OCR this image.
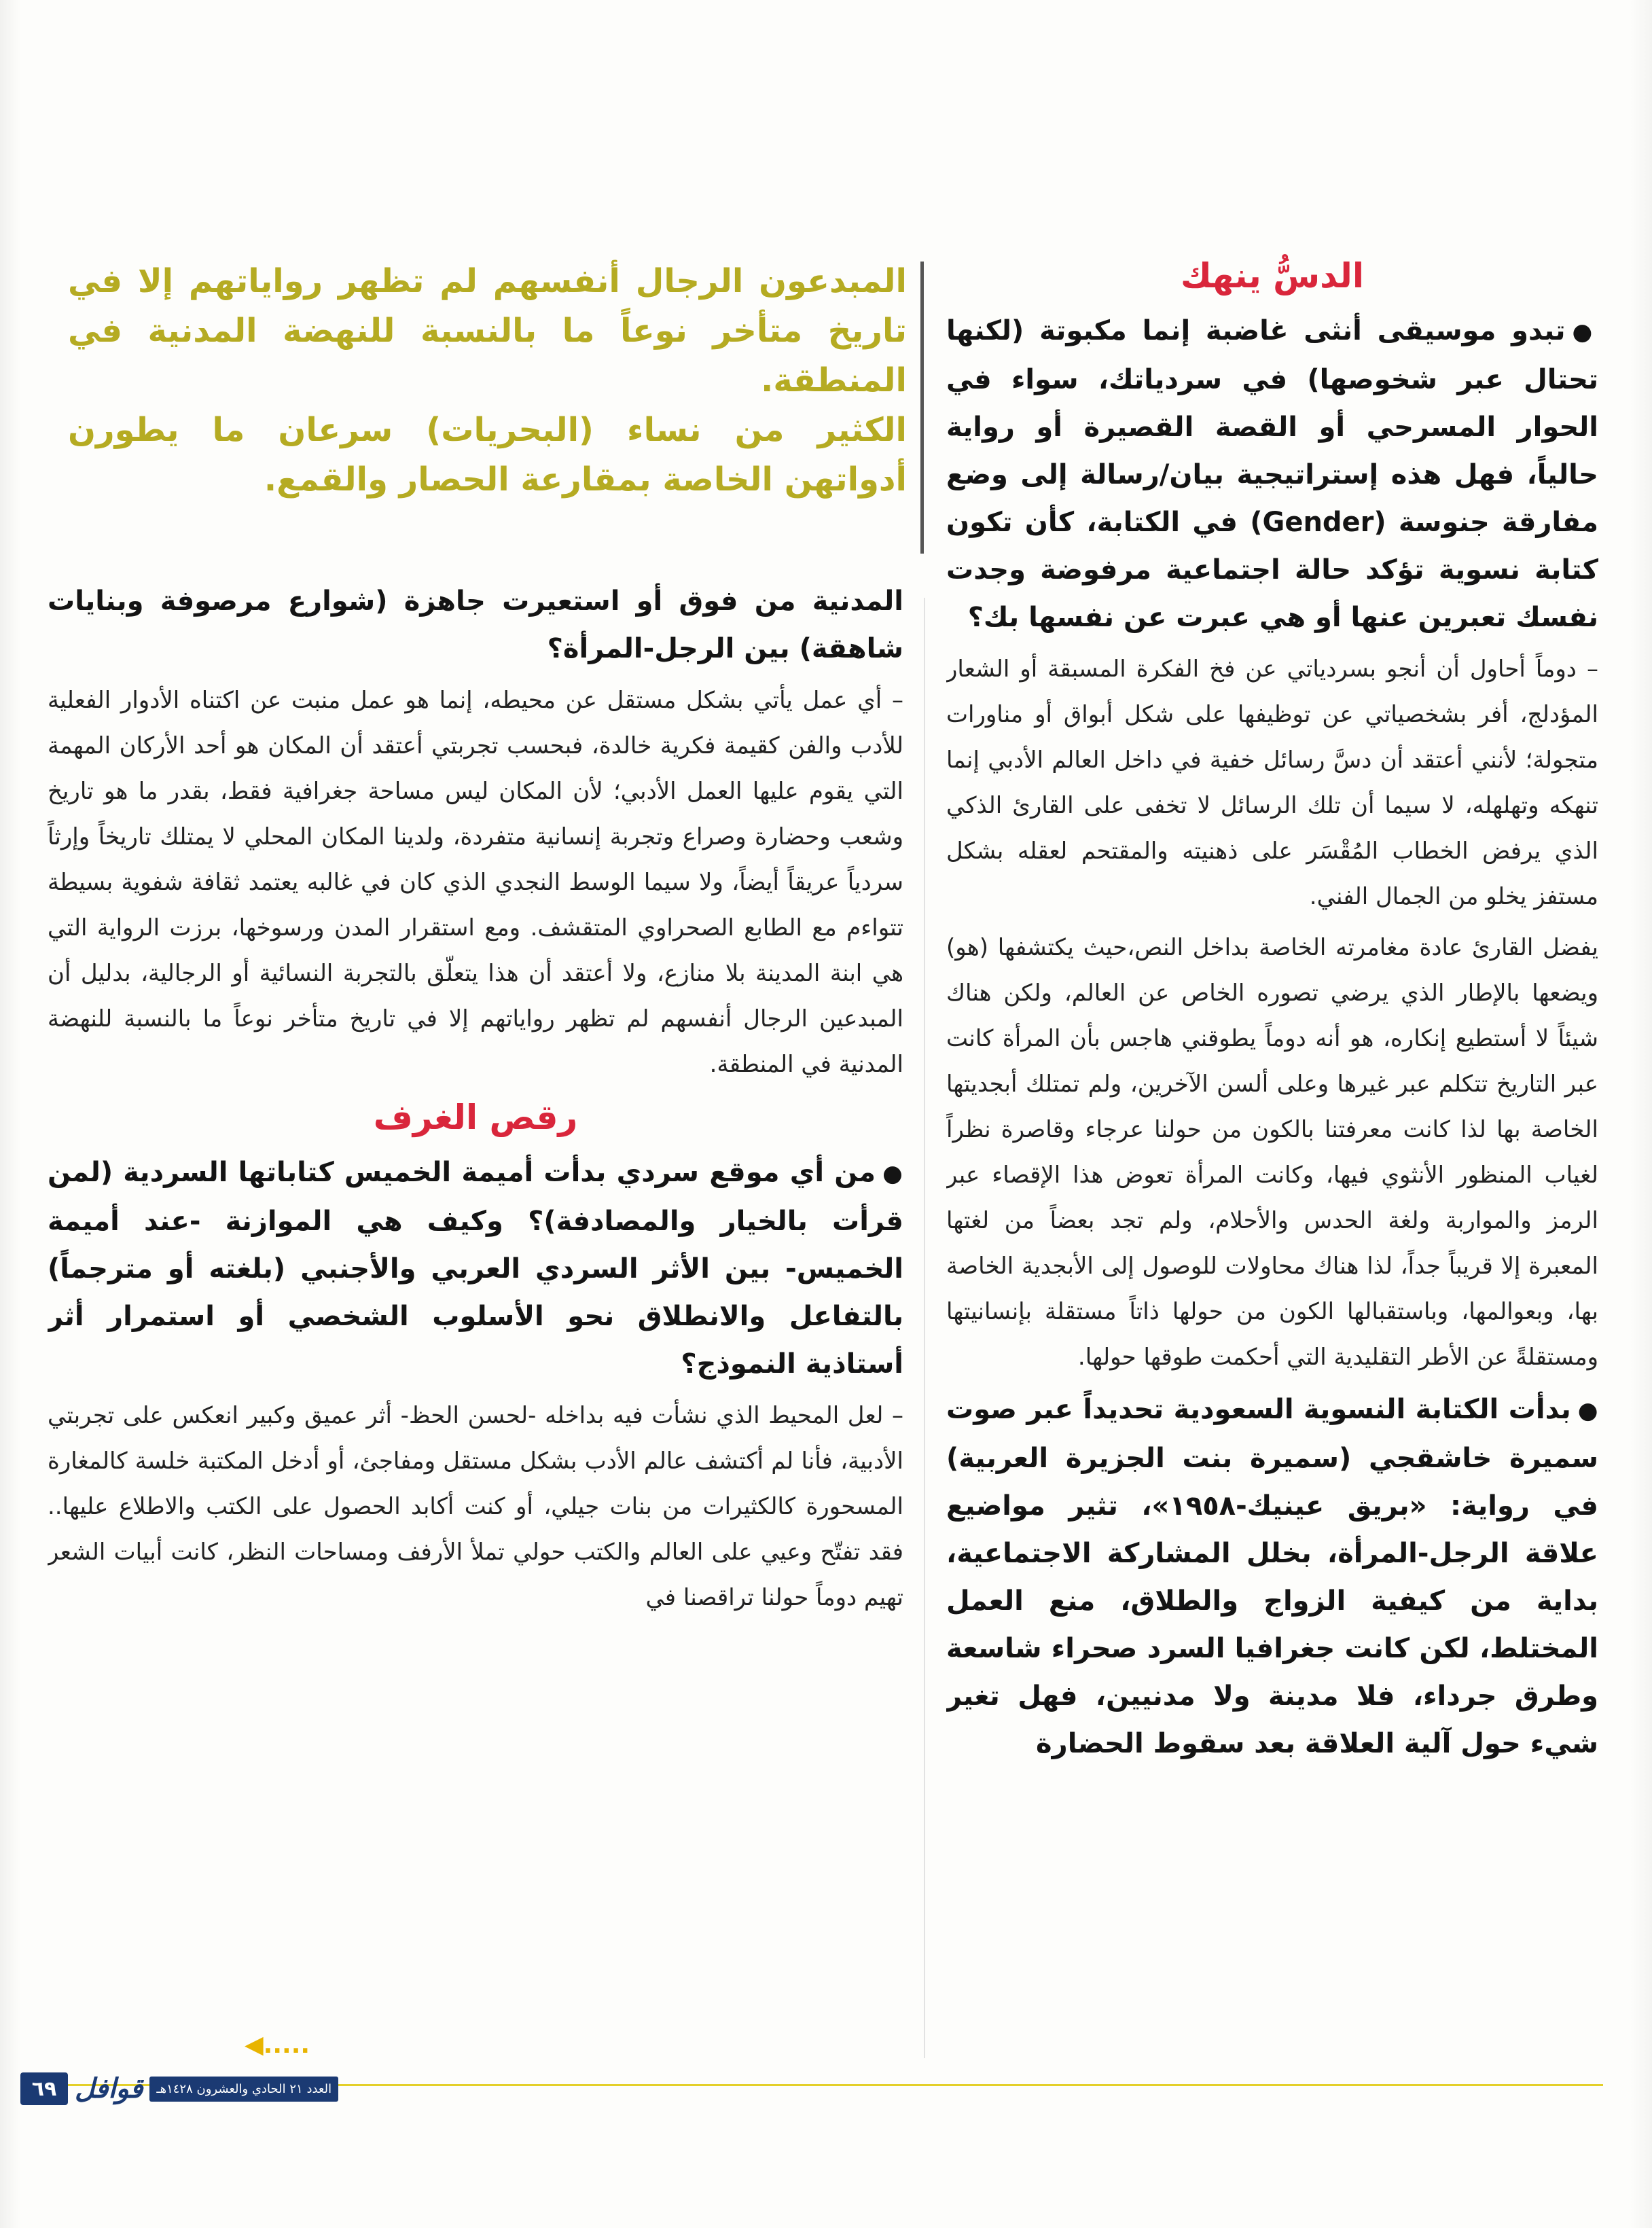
المبدعون الرجال أنفسهم لم تظهر رواياتهم إلا في تاريخ متأخر نوعاً ما بالنسبة للنهضة المدنية في المنطقة.

الكثير من نساء (البحريات) سرعان ما يطورن أدواتهن الخاصة بمقارعة الحصار والقمع.

الدسُّ ينهك

●تبدو موسيقى أنثى غاضبة إنما مكبوتة (لكنها تحتال عبر شخوصها) في سردياتك، سواء في الحوار المسرحي أو القصة القصيرة أو رواية حالياً، فهل هذه إستراتيجية بيان/رسالة إلى وضع مفارقة جنوسة (Gender) في الكتابة، كأن تكون كتابة نسوية تؤكد حالة اجتماعية مرفوضة وجدت نفسك تعبرين عنها أو هي عبرت عن نفسها بك؟

– دوماً أحاول أن أنجو بسردياتي عن فخ الفكرة المسبقة أو الشعار المؤدلج، أفر بشخصياتي عن توظيفها على شكل أبواق أو مناورات متجولة؛ لأنني أعتقد أن دسَّ رسائل خفية في داخل العالم الأدبي إنما تنهكه وتهلهله، لا سيما أن تلك الرسائل لا تخفى على القارئ الذكي الذي يرفض الخطاب المُقْسَر على ذهنيته والمقتحم لعقله بشكل مستفز يخلو من الجمال الفني.

يفضل القارئ عادة مغامرته الخاصة بداخل النص،حيث يكتشفها (هو) ويضعها بالإطار الذي يرضي تصوره الخاص عن العالم، ولكن هناك شيئاً لا أستطيع إنكاره، هو أنه دوماً يطوقني هاجس بأن المرأة كانت عبر التاريخ تتكلم عبر غيرها وعلى ألسن الآخرين، ولم تمتلك أبجديتها الخاصة بها لذا كانت معرفتنا بالكون من حولنا عرجاء وقاصرة نظراً لغياب المنظور الأنثوي فيها، وكانت المرأة تعوض هذا الإقصاء عبر الرمز والمواربة ولغة الحدس والأحلام، ولم تجد بعضاً من لغتها المعبرة إلا قريباً جداً، لذا هناك محاولات للوصول إلى الأبجدية الخاصة بها، وبعوالمها، وباستقبالها الكون من حولها ذاتاً مستقلة بإنسانيتها ومستقلةً عن الأطر التقليدية التي أحكمت طوقها حولها.

●بدأت الكتابة النسوية السعودية تحديداً عبر صوت سميرة خاشقجي (سميرة بنت الجزيرة العربية) في رواية: «بريق عينيك-١٩٥٨»، تثير مواضيع علاقة الرجل-المرأة، بخلل المشاركة الاجتماعية، بداية من كيفية الزواج والطلاق، منع العمل المختلط، لكن كانت جغرافيا السرد صحراء شاسعة وطرق جرداء، فلا مدينة ولا مدنيين، فهل تغير شيء حول آلية العلاقة بعد سقوط الحضارة

المدنية من فوق أو استعيرت جاهزة (شوارع مرصوفة وبنايات شاهقة) بين الرجل-المرأة؟

– أي عمل يأتي بشكل مستقل عن محيطه، إنما هو عمل منبت عن اكتناه الأدوار الفعلية للأدب والفن كقيمة فكرية خالدة، فبحسب تجربتي أعتقد أن المكان هو أحد الأركان المهمة التي يقوم عليها العمل الأدبي؛ لأن المكان ليس مساحة جغرافية فقط، بقدر ما هو تاريخ وشعب وحضارة وصراع وتجربة إنسانية متفردة، ولدينا المكان المحلي لا يمتلك تاريخاً وإرثاً سردياً عريقاً أيضاً، ولا سيما الوسط النجدي الذي كان في غالبه يعتمد ثقافة شفوية بسيطة تتواءم مع الطابع الصحراوي المتقشف. ومع استقرار المدن ورسوخها، برزت الرواية التي هي ابنة المدينة بلا منازع، ولا أعتقد أن هذا يتعلّق بالتجربة النسائية أو الرجالية، بدليل أن المبدعين الرجال أنفسهم لم تظهر رواياتهم إلا في تاريخ متأخر نوعاً ما بالنسبة للنهضة المدنية في المنطقة.

رقص الغرف

●من أي موقع سردي بدأت أميمة الخميس كتاباتها السردية (لمن قرأت بالخيار والمصادفة)؟ وكيف هي الموازنة -عند أميمة الخميس- بين الأثر السردي العربي والأجنبي (بلغته أو مترجماً) بالتفاعل والانطلاق نحو الأسلوب الشخصي أو استمرار أثر أستاذية النموذج؟

– لعل المحيط الذي نشأت فيه بداخله -لحسن الحظ- أثر عميق وكبير انعكس على تجربتي الأدبية، فأنا لم أكتشف عالم الأدب بشكل مستقل ومفاجئ، أو أدخل المكتبة خلسة كالمغارة المسحورة كالكثيرات من بنات جيلي، أو كنت أكابد الحصول على الكتب والاطلاع عليها.. فقد تفتّح وعيي على العالم والكتب حولي تملأ الأرفف ومساحات النظر، كانت أبيات الشعر تهيم دوماً حولنا تراقصنا في

◀.....
٦٩ قوافل	العدد ٢١ الحادي والعشرون ١٤٢٨هـ
